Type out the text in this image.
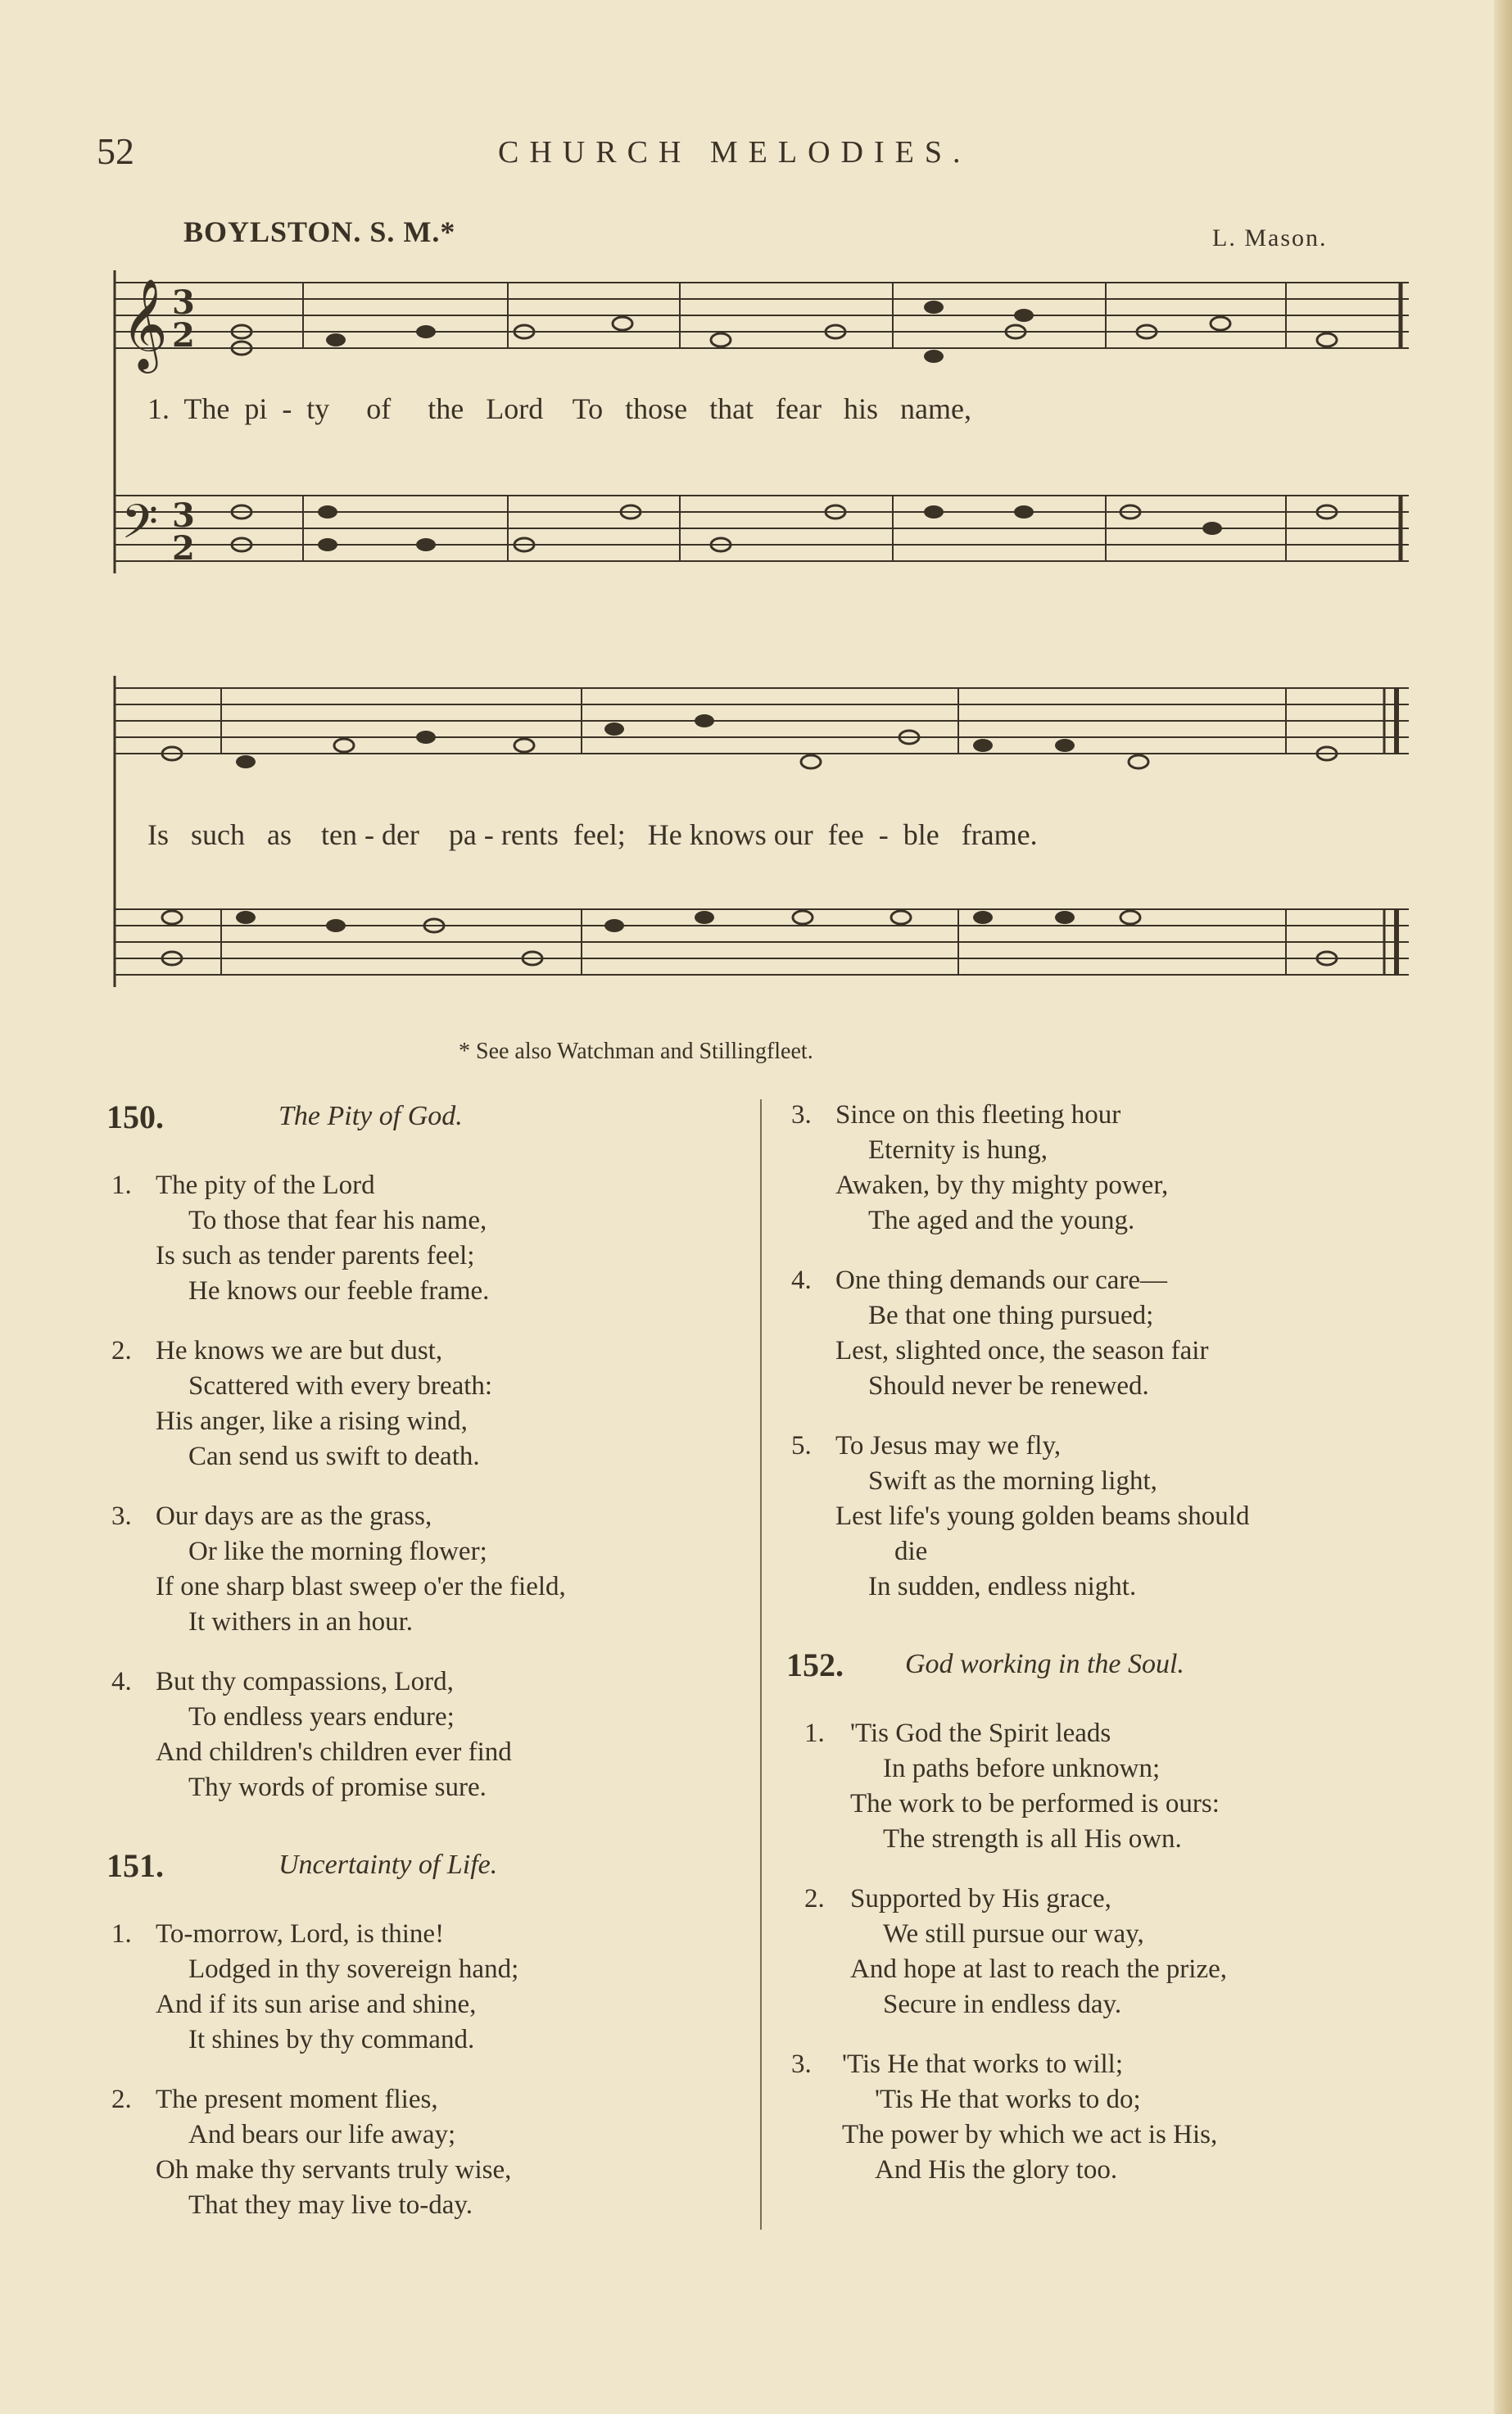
52	CHURCH MELODIES.
BOYLSTON. S. M.*	L. Mason.
𝄞
𝄢
3
2
3
2
1.  The  pi  -  ty     of     the   Lord    To   those   that   fear   his   name,
Is   such   as    ten - der    pa - rents  feel;   He knows our  fee  -  ble   frame.
* See also Watchman and Stillingfleet.
150.	The Pity of God.
1. The pity of the Lord
To those that fear his name,
Is such as tender parents feel;
He knows our feeble frame.
2. He knows we are but dust,
Scattered with every breath:
His anger, like a rising wind,
Can send us swift to death.
3. Our days are as the grass,
Or like the morning flower;
If one sharp blast sweep o'er the field,
It withers in an hour.
4. But thy compassions, Lord,
To endless years endure;
And children's children ever find
Thy words of promise sure.
151.	Uncertainty of Life.
1. To-morrow, Lord, is thine!
Lodged in thy sovereign hand;
And if its sun arise and shine,
It shines by thy command.
2. The present moment flies,
And bears our life away;
Oh make thy servants truly wise,
That they may live to-day.
3. Since on this fleeting hour
Eternity is hung,
Awaken, by thy mighty power,
The aged and the young.
4. One thing demands our care—
Be that one thing pursued;
Lest, slighted once, the season fair
Should never be renewed.
5. To Jesus may we fly,
Swift as the morning light,
Lest life's young golden beams should
die
In sudden, endless night.
152. God working in the Soul.
1. 'Tis God the Spirit leads
In paths before unknown;
The work to be performed is ours:
The strength is all His own.
2. Supported by His grace,
We still pursue our way,
And hope at last to reach the prize,
Secure in endless day.
3.	'Tis He that works to will;
'Tis He that works to do;
The power by which we act is His,
And His the glory too.
